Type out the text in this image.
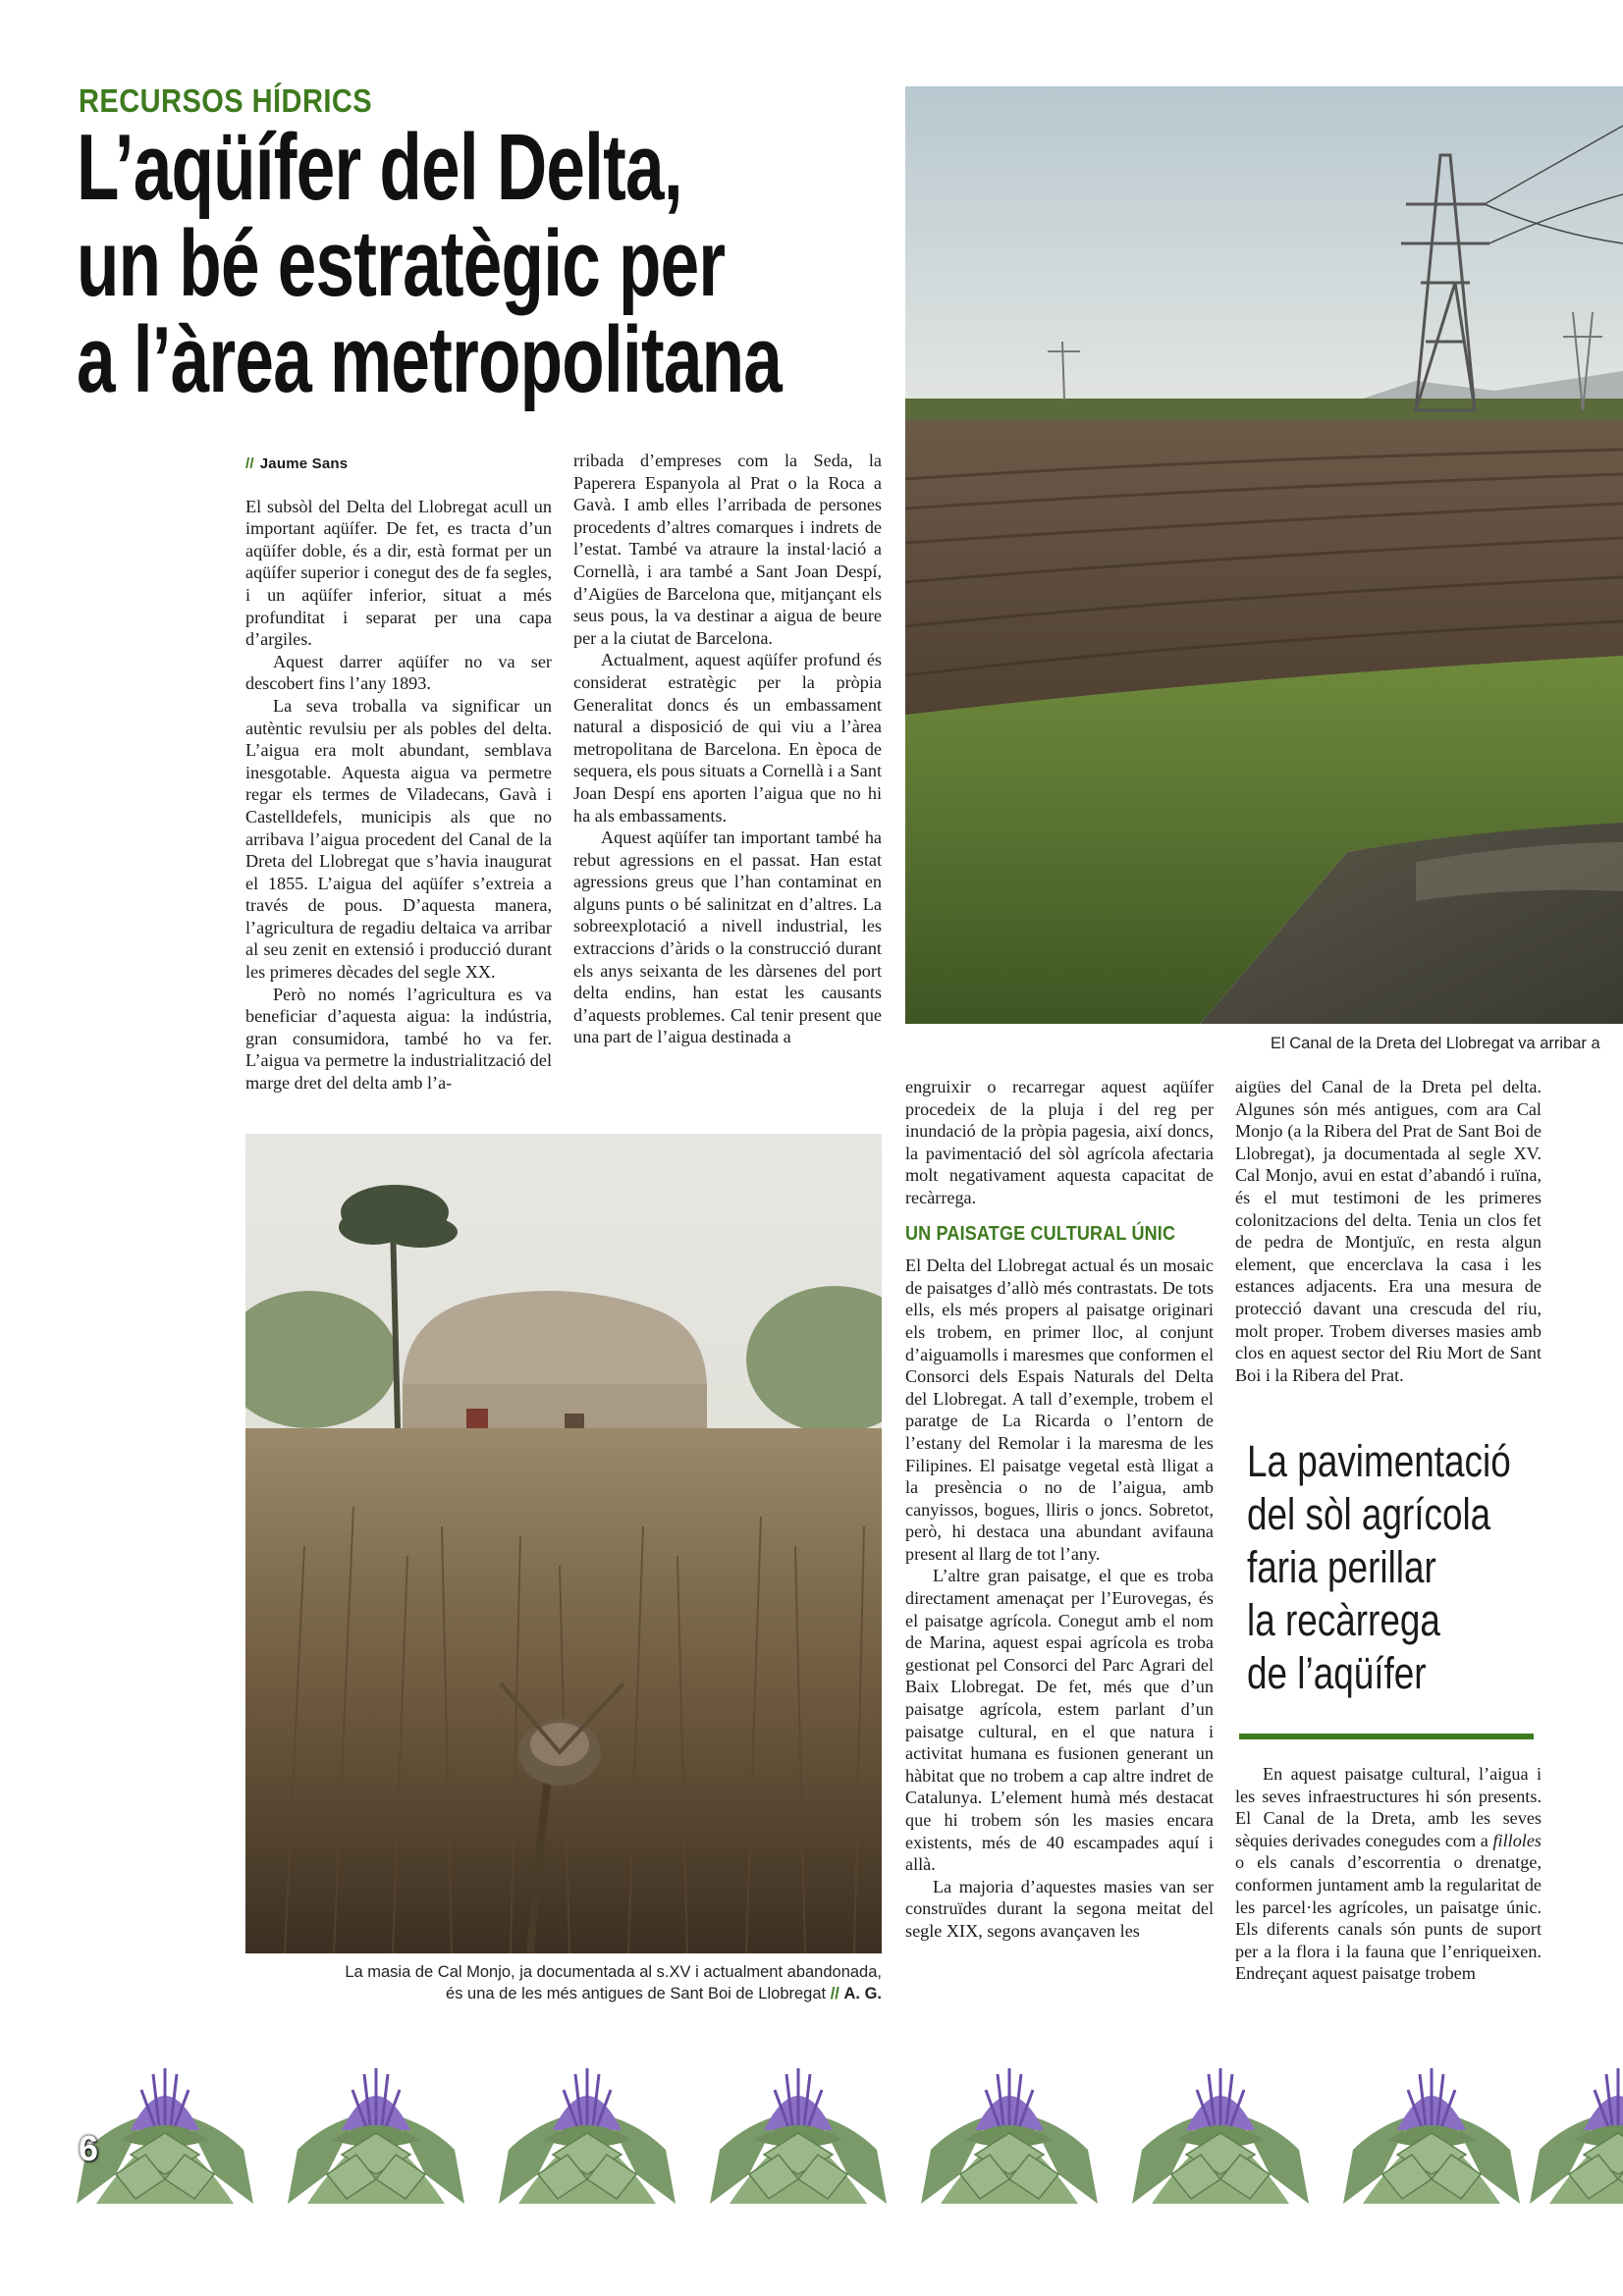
RECURSOS HÍDRICS
L’aqüífer del Delta,
un bé estratègic per
a l’àrea metropolitana
El Canal de la Dreta del Llobregat va arribar a
La masia de Cal Monjo, ja documentada al s.XV i actualment abandonada,
és una de les més antigues de Sant Boi de Llobregat // A. G.
// Jaume Sans

El subsòl del Delta del Llobregat acull un important aqüífer. De fet, es tracta d’un aqüífer doble, és a dir, està format per un aqüífer superior i conegut des de fa segles, i un aqüífer inferior, situat a més profunditat i separat per una capa d’argiles.

Aquest darrer aqüífer no va ser descobert fins l’any 1893.

La seva troballa va significar un autèntic revulsiu per als pobles del delta. L’aigua era molt abundant, semblava inesgotable. Aquesta aigua va permetre regar els termes de Viladecans, Gavà i Castelldefels, municipis als que no arribava l’aigua procedent del Canal de la Dreta del Llobregat que s’havia inaugurat el 1855. L’aigua del aqüífer s’extreia a través de pous. D’aquesta manera, l’agricultura de regadiu deltaica va arribar al seu zenit en extensió i producció durant les primeres dècades del segle XX.

Però no només l’agricultura es va beneficiar d’aquesta aigua: la indústria, gran consumidora, també ho va fer. L’aigua va permetre la industrialització del marge dret del delta amb l’a-

rribada d’empreses com la Seda, la Paperera Espanyola al Prat o la Roca a Gavà. I amb elles l’arribada de persones procedents d’altres comarques i indrets de l’estat. També va atraure la instal·lació a Cornellà, i ara també a Sant Joan Despí, d’Aigües de Barcelona que, mitjançant els seus pous, la va destinar a aigua de beure per a la ciutat de Barcelona.

Actualment, aquest aqüífer profund és considerat estratègic per la pròpia Generalitat doncs és un embassament natural a disposició de qui viu a l’àrea metropolitana de Barcelona. En època de sequera, els pous situats a Cornellà i a Sant Joan Despí ens aporten l’aigua que no hi ha als embassaments.

Aquest aqüífer tan important també ha rebut agressions en el passat. Han estat agressions greus que l’han contaminat en alguns punts o bé salinitzat en d’altres. La sobreexplotació a nivell industrial, les extraccions d’àrids o la construcció durant els anys seixanta de les dàrsenes del port delta endins, han estat les causants d’aquests problemes. Cal tenir present que una part de l’aigua destinada a

engruixir o recarregar aquest aqüífer procedeix de la pluja i del reg per inundació de la pròpia pagesia, així doncs, la pavimentació del sòl agrícola afectaria molt negativament aquesta capacitat de recàrrega.

UN PAISATGE CULTURAL ÚNIC

El Delta del Llobregat actual és un mosaic de paisatges d’allò més contrastats. De tots ells, els més propers al paisatge originari els trobem, en primer lloc, al conjunt d’aiguamolls i maresmes que conformen el Consorci dels Espais Naturals del Delta del Llobregat. A tall d’exemple, trobem el paratge de La Ricarda o l’entorn de l’estany del Remolar i la maresma de les Filipines. El paisatge vegetal està lligat a la presència o no de l’aigua, amb canyissos, bogues, lliris o joncs. Sobretot, però, hi destaca una abundant avifauna present al llarg de tot l’any.

L’altre gran paisatge, el que es troba directament amenaçat per l’Eurovegas, és el paisatge agrícola. Conegut amb el nom de Marina, aquest espai agrícola es troba gestionat pel Consorci del Parc Agrari del Baix Llobregat. De fet, més que d’un paisatge agrícola, estem parlant d’un paisatge cultural, en el que natura i activitat humana es fusionen generant un hàbitat que no trobem a cap altre indret de Catalunya. L’element humà més destacat que hi trobem són les masies encara existents, més de 40 escampades aquí i allà.

La majoria d’aquestes masies van ser construïdes durant la segona meitat del segle XIX, segons avançaven les

aigües del Canal de la Dreta pel delta. Algunes són més antigues, com ara Cal Monjo (a la Ribera del Prat de Sant Boi de Llobregat), ja documentada al segle XV. Cal Monjo, avui en estat d’abandó i ruïna, és el mut testimoni de les primeres colonitzacions del delta. Tenia un clos fet de pedra de Montjuïc, en resta algun element, que encerclava la casa i les estances adjacents. Era una mesura de protecció davant una crescuda del riu, molt proper. Trobem diverses masies amb clos en aquest sector del Riu Mort de Sant Boi i la Ribera del Prat.

La pavimentació
del sòl agrícola
faria perillar
la recàrrega
de l’aqüífer

En aquest paisatge cultural, l’aigua i les seves infraestructures hi són presents. El Canal de la Dreta, amb les seves sèquies derivades conegudes com a filloles o els canals d’escorrentia o drenatge, conformen juntament amb la regularitat de les parcel·les agrícoles, un paisatge únic. Els diferents canals són punts de suport per a la flora i la fauna que l’enriqueixen. Endreçant aquest paisatge trobem

6
